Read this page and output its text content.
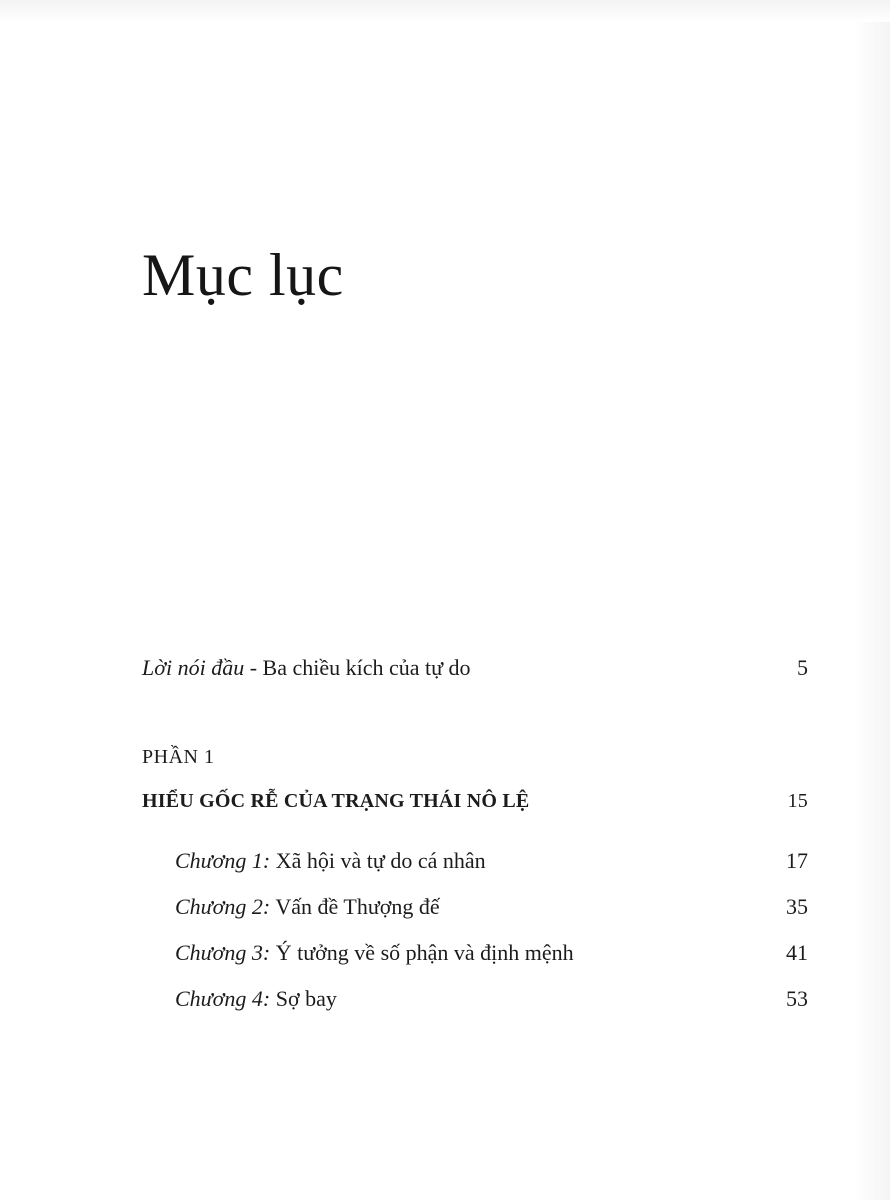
Mục lục
Lời nói đầu - Ba chiều kích của tự do	5
PHẦN 1
HIỂU GỐC RỄ CỦA TRẠNG THÁI NÔ LỆ	15
Chương 1: Xã hội và tự do cá nhân	17
Chương 2: Vấn đề Thượng đế	35
Chương 3: Ý tưởng về số phận và định mệnh	41
Chương 4: Sợ bay	53
